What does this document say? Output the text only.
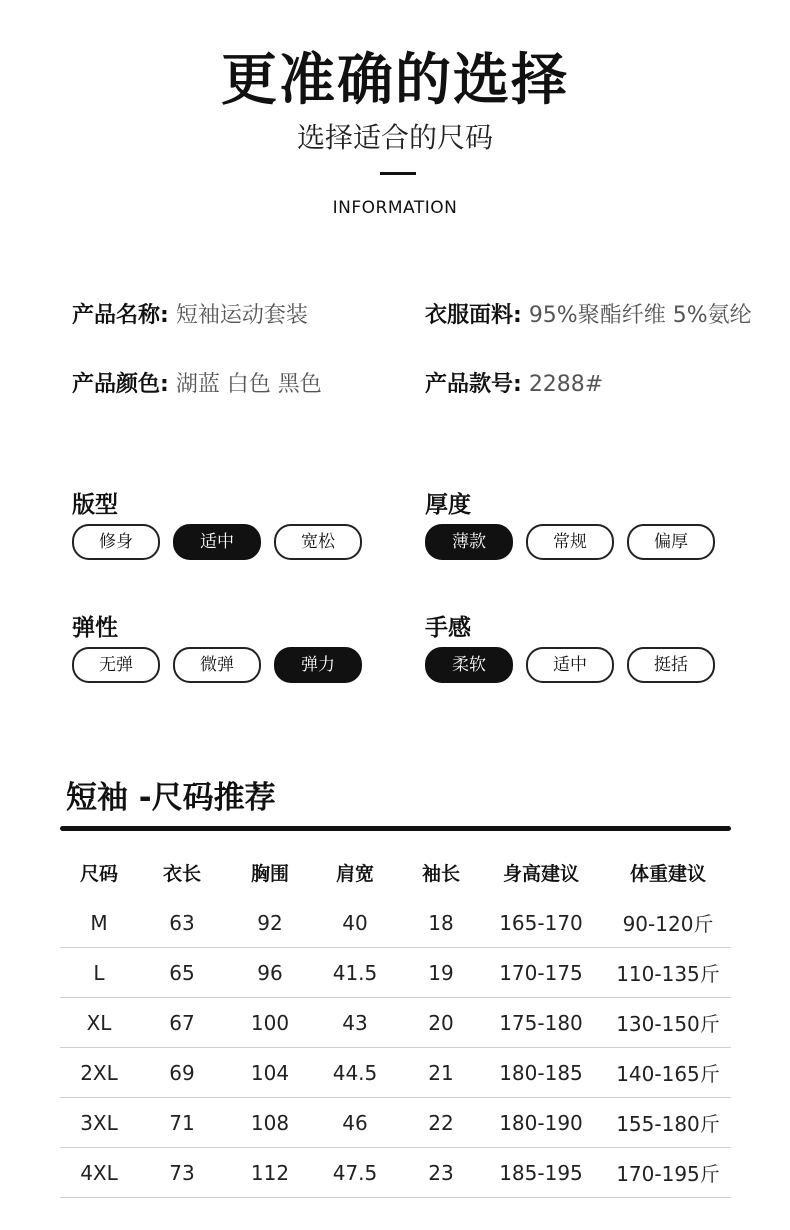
更准确的选择
选择适合的尺码
INFORMATION
产品名称: 短袖运动套装	衣服面料: 95%聚酯纤维 5%氨纶
产品颜色: 湖蓝 白色 黑色	产品款号: 2288#
版型
修身	适中	宽松
厚度
薄款	常规	偏厚
弹性
无弹	微弹	弹力
手感
柔软	适中	挺括
短袖 -尺码推荐
尺码	衣长	胸围	肩宽	袖长	身高建议	体重建议
M	63	92	40	18	165-170	90-120斤
L	65	96	41.5	19	170-175	110-135斤
XL	67	100	43	20	175-180	130-150斤
2XL	69	104	44.5	21	180-185	140-165斤
3XL	71	108	46	22	180-190	155-180斤
4XL	73	112	47.5	23	185-195	170-195斤
